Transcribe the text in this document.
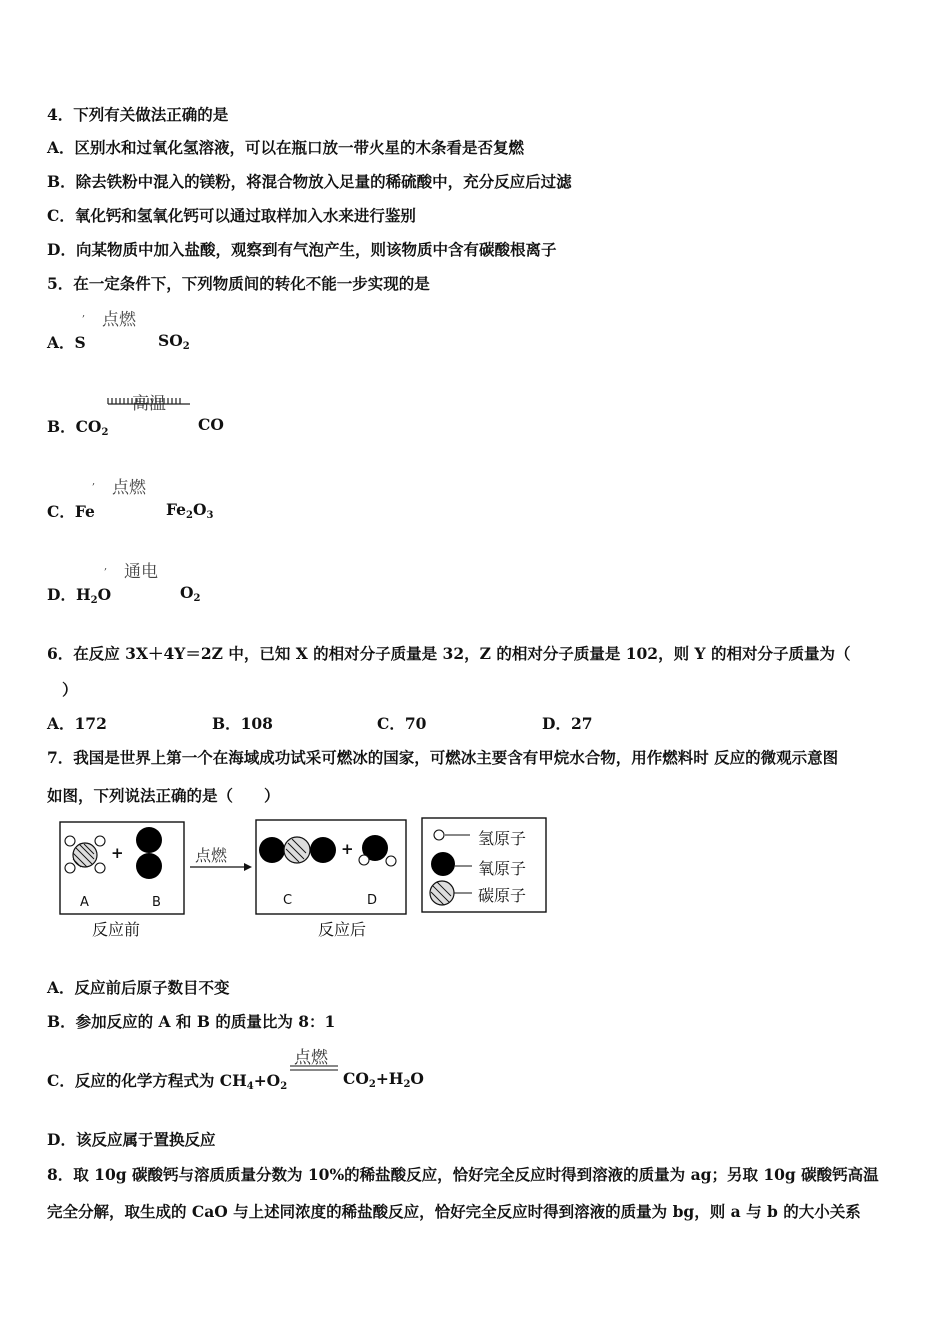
4．下列有关做法正确的是
A．区别水和过氧化氢溶液，可以在瓶口放一带火星的木条看是否复燃
B．除去铁粉中混入的镁粉，将混合物放入足量的稀硫酸中，充分反应后过滤
C．氧化钙和氢氧化钙可以通过取样加入水来进行鉴别
D．向某物质中加入盐酸，观察到有气泡产生，则该物质中含有碳酸根离子
5．在一定条件下，下列物质间的转化不能一步实现的是
, 点燃
A．S	$SO_2$
高温
B．$CO_2$	CO
, 点燃
C．Fe	$Fe_2O_3$
, 通电
D．$H_2O$	$O_2$
6．在反应 3X＋4Y＝2Z 中，已知 X 的相对分子质量是 32，Z 的相对分子质量是 102，则 Y 的相对分子质量为（
）
A．172	B．108	C．70	D．27
7．我国是世界上第一个在海域成功试采可燃冰的国家，可燃冰主要含有甲烷水合物，用作燃料时 反应的微观示意图
如图，下列说法正确的是（　　）
A	B
+	点燃	+
C	D
反应前	反应后
氢原子
氧原子
碳原子
A．反应前后原子数目不变
B．参加反应的 A 和 B 的质量比为 8：1
点燃
C．反应的化学方程式为 $CH_4+O_2$	$CO_2+H_2O$
D．该反应属于置换反应
8．取 10g 碳酸钙与溶质质量分数为 10%的稀盐酸反应，恰好完全反应时得到溶液的质量为 ag；另取 10g 碳酸钙高温
完全分解，取生成的 CaO 与上述同浓度的稀盐酸反应，恰好完全反应时得到溶液的质量为 bg，则 a 与 b 的大小关系
